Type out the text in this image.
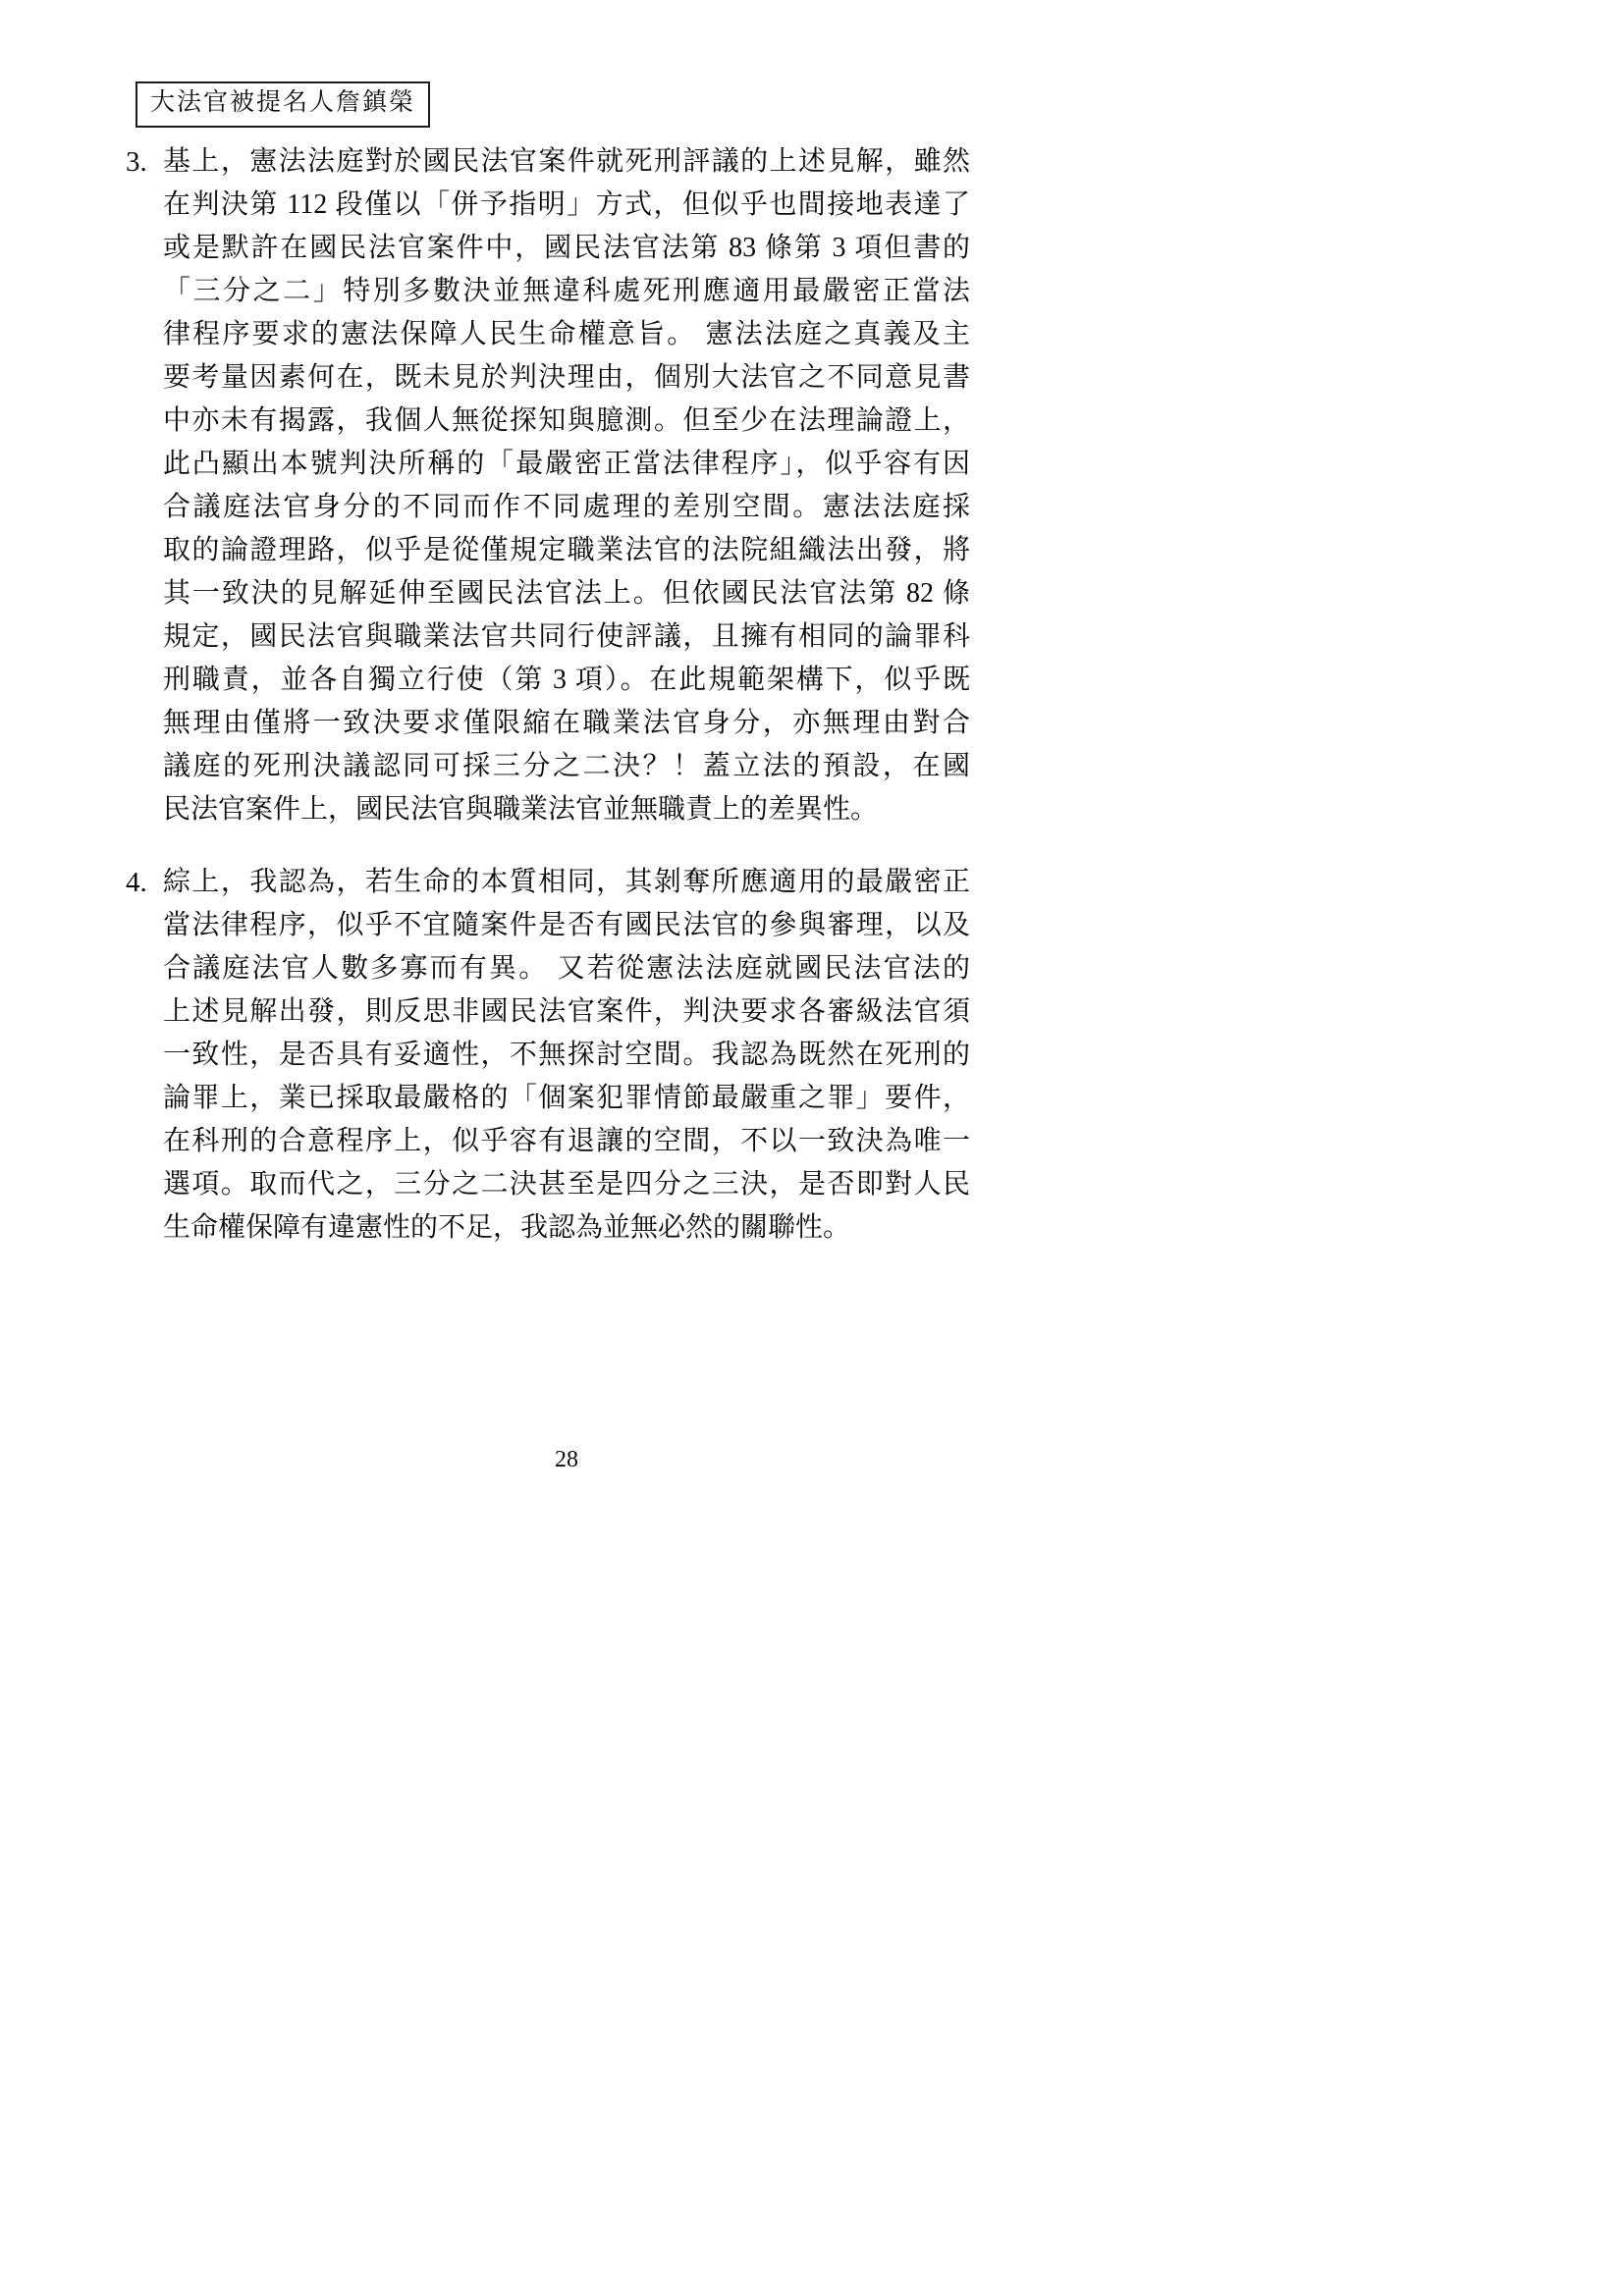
大法官被提名人詹鎮榮
3. 基上，憲法法庭對於國民法官案件就死刑評議的上述見解，雖然
在判決第 112 段僅以「併予指明」方式，但似乎也間接地表達了
或是默許在國民法官案件中，國民法官法第 83 條第 3 項但書的
「三分之二」特別多數決並無違科處死刑應適用最嚴密正當法
律程序要求的憲法保障人民生命權意旨。 憲法法庭之真義及主
要考量因素何在，既未見於判決理由，個別大法官之不同意見書
中亦未有揭露，我個人無從探知與臆測。但至少在法理論證上，
此凸顯出本號判決所稱的「最嚴密正當法律程序」，似乎容有因
合議庭法官身分的不同而作不同處理的差別空間。憲法法庭採
取的論證理路，似乎是從僅規定職業法官的法院組織法出發，將
其一致決的見解延伸至國民法官法上。但依國民法官法第 82 條
規定，國民法官與職業法官共同行使評議，且擁有相同的論罪科
刑職責，並各自獨立行使（第 3 項）。在此規範架構下，似乎既
無理由僅將一致決要求僅限縮在職業法官身分，亦無理由對合
議庭的死刑決議認同可採三分之二決？！蓋立法的預設，在國
民法官案件上，國民法官與職業法官並無職責上的差異性。
4. 綜上，我認為，若生命的本質相同，其剝奪所應適用的最嚴密正
當法律程序，似乎不宜隨案件是否有國民法官的參與審理，以及
合議庭法官人數多寡而有異。 又若從憲法法庭就國民法官法的
上述見解出發，則反思非國民法官案件，判決要求各審級法官須
一致性，是否具有妥適性，不無探討空間。我認為既然在死刑的
論罪上，業已採取最嚴格的「個案犯罪情節最嚴重之罪」要件，
在科刑的合意程序上，似乎容有退讓的空間，不以一致決為唯一
選項。取而代之，三分之二決甚至是四分之三決，是否即對人民
生命權保障有違憲性的不足，我認為並無必然的關聯性。
28
